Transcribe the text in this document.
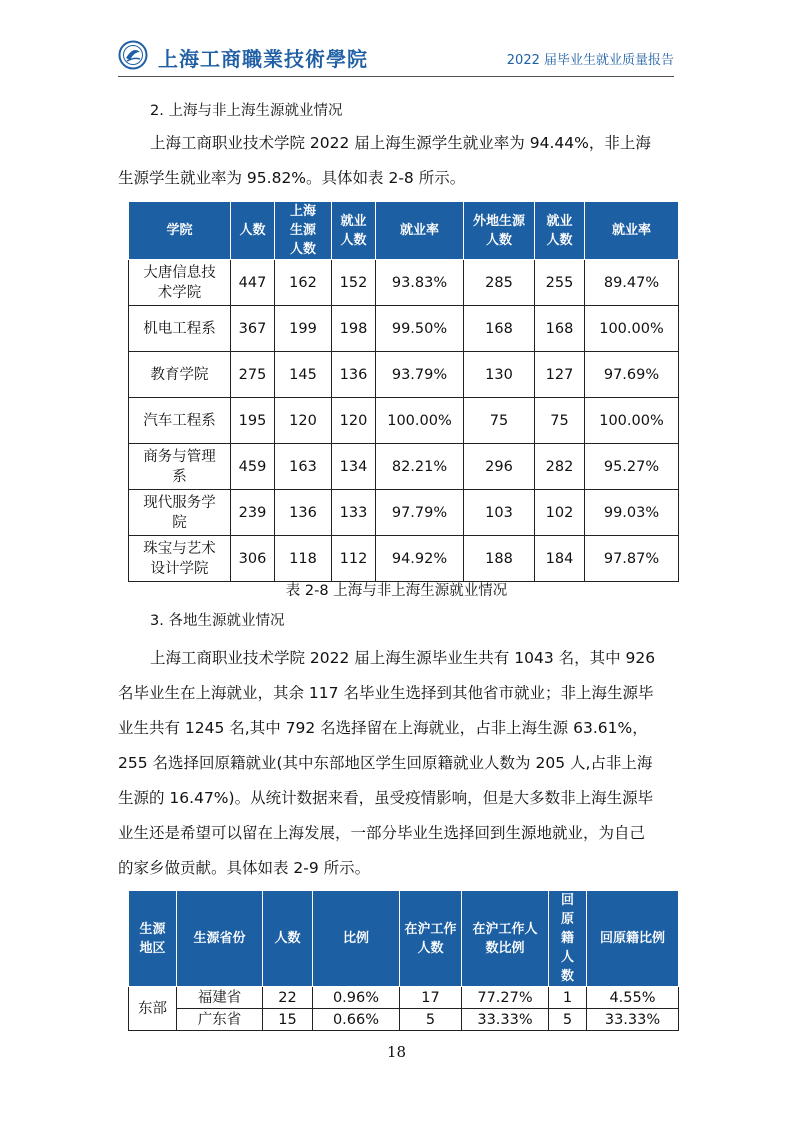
上海工商職業技術學院	2022 届毕业生就业质量报告
2. 上海与非上海生源就业情况
上海工商职业技术学院 2022 届上海生源学生就业率为 94.44%，非上海
生源学生就业率为 95.82%。具体如表 2-8 所示。
学院	人数	上海生源人数	就业人数	就业率	外地生源人数	就业人数	就业率

大唐信息技术学院	447	162	152	93.83%	285	255	89.47%

机电工程系	367	199	198	99.50%	168	168	100.00%

教育学院	275	145	136	93.79%	130	127	97.69%

汽车工程系	195	120	120	100.00%	75	75	100.00%

商务与管理系	459	163	134	82.21%	296	282	95.27%

现代服务学院	239	136	133	97.79%	103	102	99.03%

珠宝与艺术设计学院	306	118	112	94.92%	188	184	97.87%
表 2-8 上海与非上海生源就业情况
3. 各地生源就业情况
上海工商职业技术学院 2022 届上海生源毕业生共有 1043 名，其中 926
名毕业生在上海就业，其余 117 名毕业生选择到其他省市就业；非上海生源毕
业生共有 1245 名,其中 792 名选择留在上海就业，占非上海生源 63.61%，
255 名选择回原籍就业(其中东部地区学生回原籍就业人数为 205 人,占非上海
生源的 16.47%)。从统计数据来看，虽受疫情影响，但是大多数非上海生源毕
业生还是希望可以留在上海发展，一部分毕业生选择回到生源地就业，为自己
的家乡做贡献。具体如表 2-9 所示。
生源地区	生源省份	人数	比例	在沪工作人数	在沪工作人数比例	回原籍人数	回原籍比例

东部	福建省	22	0.96%	17	77.27%	1	4.55%
	广东省	15	0.66%	5	33.33%	5	33.33%
18
